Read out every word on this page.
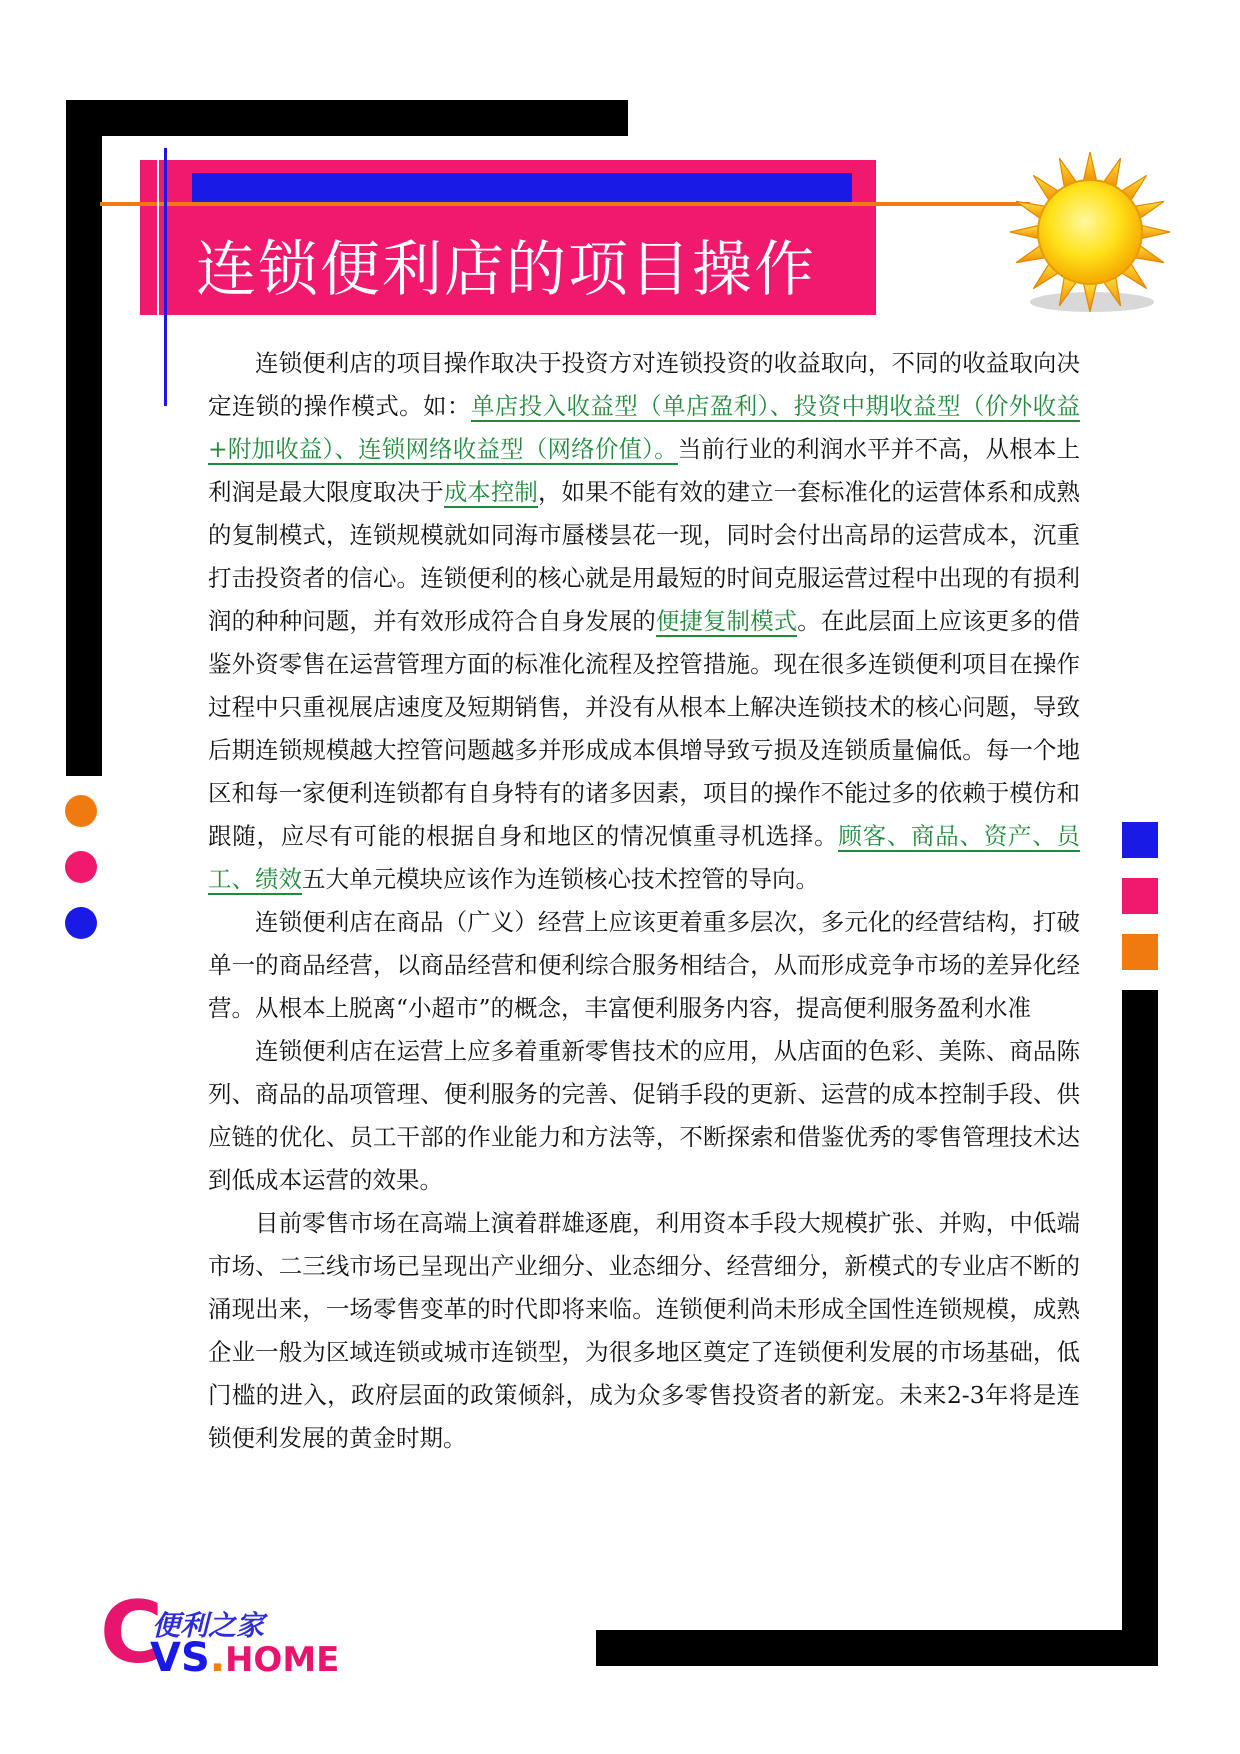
连锁便利店的项目操作

连锁便利店的项目操作取决于投资方对连锁投资的收益取向，不同的收益取向决定连锁的操作模式。如：单店投入收益型（单店盈利）、投资中期收益型（价外收益+附加收益）、连锁网络收益型（网络价值）。当前行业的利润水平并不高，从根本上利润是最大限度取决于成本控制，如果不能有效的建立一套标准化的运营体系和成熟的复制模式，连锁规模就如同海市蜃楼昙花一现，同时会付出高昂的运营成本，沉重打击投资者的信心。连锁便利的核心就是用最短的时间克服运营过程中出现的有损利润的种种问题，并有效形成符合自身发展的便捷复制模式。在此层面上应该更多的借鉴外资零售在运营管理方面的标准化流程及控管措施。现在很多连锁便利项目在操作过程中只重视展店速度及短期销售，并没有从根本上解决连锁技术的核心问题，导致后期连锁规模越大控管问题越多并形成成本俱增导致亏损及连锁质量偏低。每一个地区和每一家便利连锁都有自身特有的诸多因素，项目的操作不能过多的依赖于模仿和跟随，应尽有可能的根据自身和地区的情况慎重寻机选择。顾客、商品、资产、员工、绩效五大单元模块应该作为连锁核心技术控管的导向。

连锁便利店在商品（广义）经营上应该更着重多层次，多元化的经营结构，打破单一的商品经营，以商品经营和便利综合服务相结合，从而形成竞争市场的差异化经营。从根本上脱离“小超市”的概念，丰富便利服务内容，提高便利服务盈利水准

连锁便利店在运营上应多着重新零售技术的应用，从店面的色彩、美陈、商品陈列、商品的品项管理、便利服务的完善、促销手段的更新、运营的成本控制手段、供应链的优化、员工干部的作业能力和方法等，不断探索和借鉴优秀的零售管理技术达到低成本运营的效果。

目前零售市场在高端上演着群雄逐鹿，利用资本手段大规模扩张、并购，中低端市场、二三线市场已呈现出产业细分、业态细分、经营细分，新模式的专业店不断的涌现出来，一场零售变革的时代即将来临。连锁便利尚未形成全国性连锁规模，成熟企业一般为区域连锁或城市连锁型，为很多地区奠定了连锁便利发展的市场基础，低门槛的进入，政府层面的政策倾斜，成为众多零售投资者的新宠。未来2-3年将是连锁便利发展的黄金时期。

C
便利之家
VS.HOME
